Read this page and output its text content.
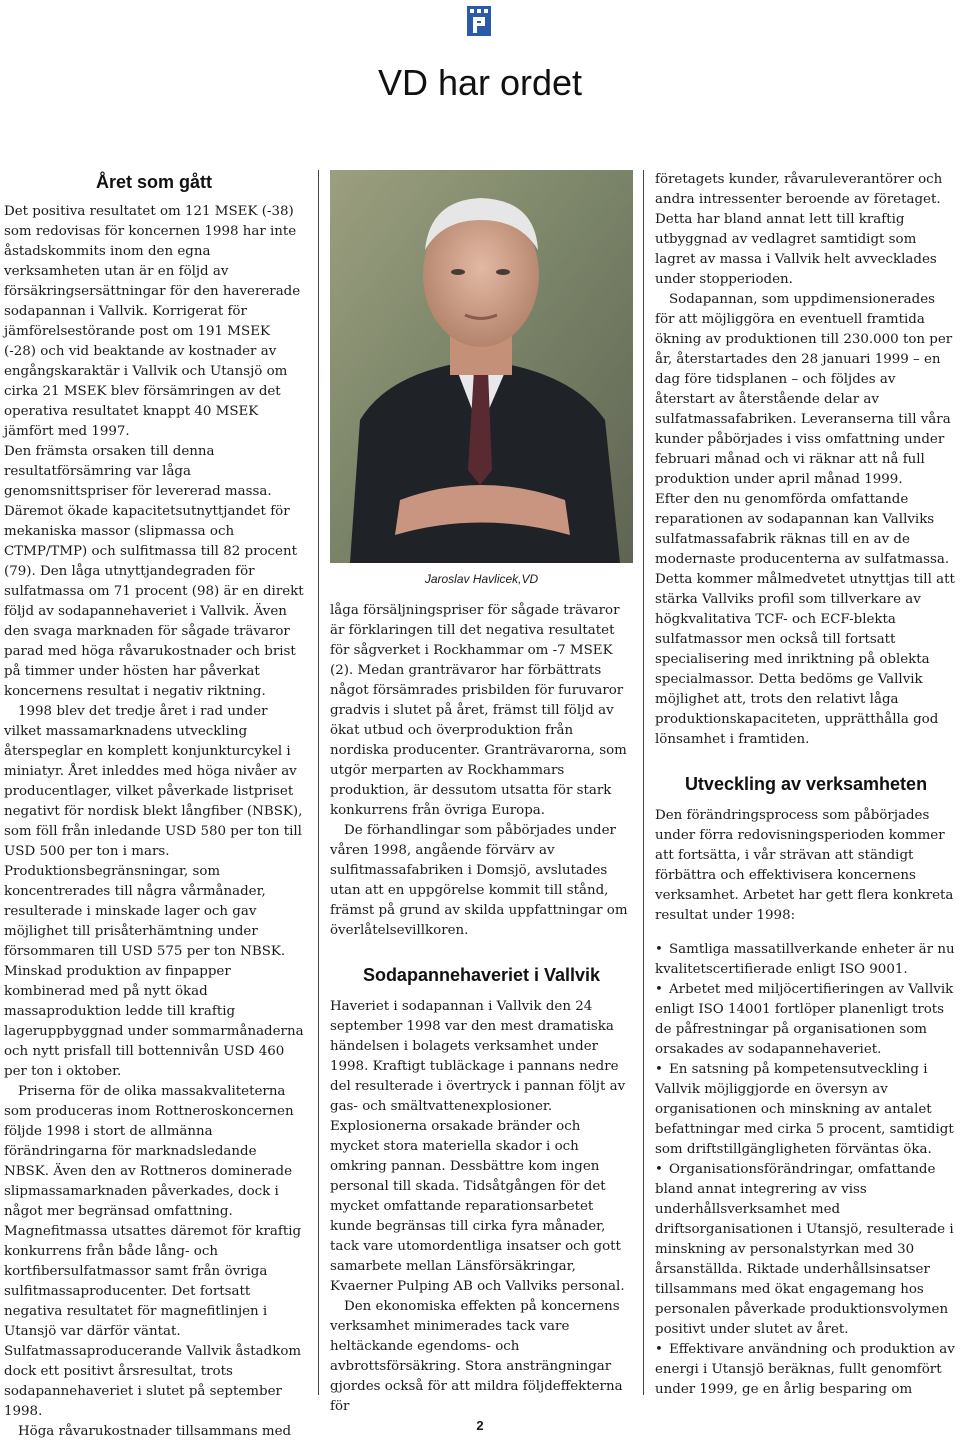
VD har ordet
Året som gått

Det positiva resultatet om 121 MSEK (-38) som redovisas för koncernen 1998 har inte åstadskommits inom den egna verksamheten utan är en följd av försäkringsersättningar för den havererade sodapannan i Vallvik. Korrigerat för jämförelsestörande post om 191 MSEK (-28) och vid beaktande av kostnader av engångskaraktär i Vallvik och Utansjö om cirka 21 MSEK blev försämringen av det operativa resultatet knappt 40 MSEK jämfört med 1997.

Den främsta orsaken till denna resultatförsämring var låga genomsnittspriser för levererad massa. Däremot ökade kapacitetsutnyttjandet för mekaniska massor (slipmassa och CTMP/TMP) och sulfitmassa till 82 procent (79). Den låga utnyttjandegraden för sulfatmassa om 71 procent (98) är en direkt följd av sodapannehaveriet i Vallvik. Även den svaga marknaden för sågade trävaror parad med höga råvarukostnader och brist på timmer under hösten har påverkat koncernens resultat i negativ riktning.

1998 blev det tredje året i rad under vilket massamarknadens utveckling återspeglar en komplett konjunkturcykel i miniatyr. Året inleddes med höga nivåer av producentlager, vilket påverkade listpriset negativt för nordisk blekt långfiber (NBSK), som föll från inledande USD 580 per ton till USD 500 per ton i mars. Produktionsbegränsningar, som koncentrerades till några vårmånader, resulterade i minskade lager och gav möjlighet till prisåterhämtning under försommaren till USD 575 per ton NBSK. Minskad produktion av finpapper kombinerad med på nytt ökad massaproduktion ledde till kraftig lageruppbyggnad under sommarmånaderna och nytt prisfall till bottennivån USD 460 per ton i oktober.

Priserna för de olika massakvaliteterna som produceras inom Rottneroskoncernen följde 1998 i stort de allmänna förändringarna för marknadsledande NBSK. Även den av Rottneros dominerade slipmassamarknaden påverkades, dock i något mer begränsad omfattning. Magnefitmassa utsattes däremot för kraftig konkurrens från både lång- och kortfibersulfatmassor samt från övriga sulfitmassaproducenter. Det fortsatt negativa resultatet för magnefitlinjen i Utansjö var därför väntat. Sulfatmassaproducerande Vallvik åstadkom dock ett positivt årsresultat, trots sodapannehaveriet i slutet på september 1998.

Höga råvarukostnader tillsammans med

Jaroslav Havlicek,VD

låga försäljningspriser för sågade trävaror är förklaringen till det negativa resultatet för sågverket i Rockhammar om -7 MSEK (2). Medan granträvaror har förbättrats något försämrades prisbilden för furuvaror gradvis i slutet på året, främst till följd av ökat utbud och överproduktion från nordiska producenter. Granträvarorna, som utgör merparten av Rockhammars produktion, är dessutom utsatta för stark konkurrens från övriga Europa.

De förhandlingar som påbörjades under våren 1998, angående förvärv av sulfitmassafabriken i Domsjö, avslutades utan att en uppgörelse kommit till stånd, främst på grund av skilda uppfattningar om överlåtelsevillkoren.

Sodapannehaveriet i Vallvik

Haveriet i sodapannan i Vallvik den 24 september 1998 var den mest dramatiska händelsen i bolagets verksamhet under 1998. Kraftigt tubläckage i pannans nedre del resulterade i övertryck i pannan följt av gas- och smältvattenexplosioner. Explosionerna orsakade bränder och mycket stora materiella skador i och omkring pannan. Dessbättre kom ingen personal till skada. Tidsåtgången för det mycket omfattande reparationsarbetet kunde begränsas till cirka fyra månader, tack vare utomordentliga insatser och gott samarbete mellan Länsförsäkringar, Kvaerner Pulping AB och Vallviks personal.

Den ekonomiska effekten på koncernens verksamhet minimerades tack vare heltäckande egendoms- och avbrottsförsäkring. Stora ansträngningar gjordes också för att mildra följdeffekterna för

företagets kunder, råvaruleverantörer och andra intressenter beroende av företaget. Detta har bland annat lett till kraftig utbyggnad av vedlagret samtidigt som lagret av massa i Vallvik helt avvecklades under stopperioden.

Sodapannan, som uppdimensionerades för att möjliggöra en eventuell framtida ökning av produktionen till 230.000 ton per år, återstartades den 28 januari 1999 – en dag före tidsplanen – och följdes av återstart av återstående delar av sulfatmassafabriken. Leveranserna till våra kunder påbörjades i viss omfattning under februari månad och vi räknar att nå full produktion under april månad 1999.

Efter den nu genomförda omfattande reparationen av sodapannan kan Vallviks sulfatmassafabrik räknas till en av de modernaste producenterna av sulfatmassa. Detta kommer målmedvetet utnyttjas till att stärka Vallviks profil som tillverkare av högkvalitativa TCF- och ECF-blekta sulfatmassor men också till fortsatt specialisering med inriktning på oblekta specialmassor. Detta bedöms ge Vallvik möjlighet att, trots den relativt låga produktionskapaciteten, upprätthålla god lönsamhet i framtiden.

Utveckling av verksamheten

Den förändringsprocess som påbörjades under förra redovisningsperioden kommer att fortsätta, i vår strävan att ständigt förbättra och effektivisera koncernens verksamhet. Arbetet har gett flera konkreta resultat under 1998:

• Samtliga massatillverkande enheter är nu kvalitetscertifierade enligt ISO 9001.
• Arbetet med miljöcertifieringen av Vallvik enligt ISO 14001 fortlöper planenligt trots de påfrestningar på organisationen som orsakades av sodapannehaveriet.
• En satsning på kompetensutveckling i Vallvik möjliggjorde en översyn av organisationen och minskning av antalet befattningar med cirka 5 procent, samtidigt som driftstillgängligheten förväntas öka.
• Organisationsförändringar, omfattande bland annat integrering av viss underhållsverksamhet med driftsorganisationen i Utansjö, resulterade i minskning av personalstyrkan med 30 årsanställda. Riktade underhållsinsatser tillsammans med ökat engagemang hos personalen påverkade produktionsvolymen positivt under slutet av året.
• Effektivare användning och produktion av energi i Utansjö beräknas, fullt genomfört under 1999, ge en årlig besparing om
2
